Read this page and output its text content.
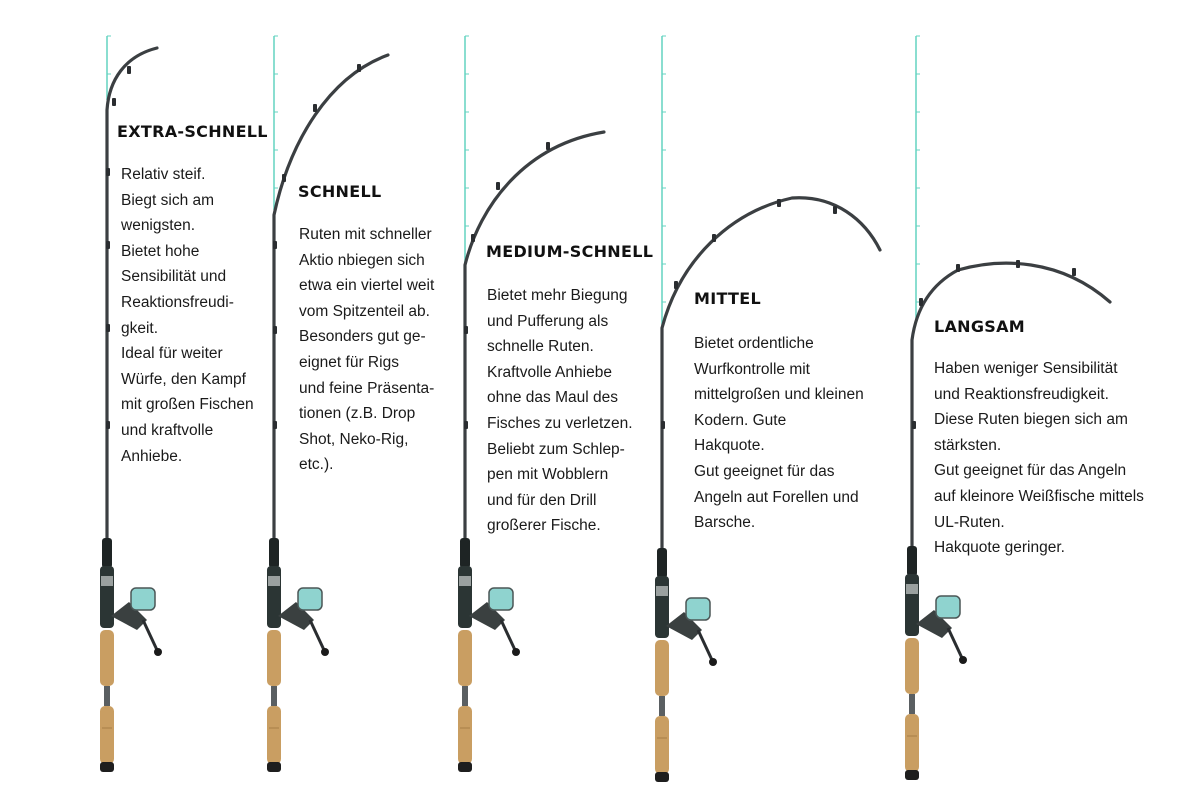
EXTRA-SCHNELL
Relativ steif.
Biegt sich am
wenigsten.
Bietet hohe
Sensibilität und
Reaktionsfreudi-
gkeit.
Ideal für weiter
Würfe, den Kampf
mit großen Fischen
und kraftvolle
Anhiebe.
SCHNELL
Ruten mit schneller
Aktio nbiegen sich
etwa ein viertel weit
vom Spitzenteil ab.
Besonders gut ge-
eignet für Rigs
und feine Präsenta-
tionen (z.B. Drop
Shot, Neko-Rig,
etc.).
MEDIUM-SCHNELL
Bietet mehr Biegung
und Pufferung als
schnelle Ruten.
Kraftvolle Anhiebe
ohne das Maul des
Fisches zu verletzen.
Beliebt zum Schlep-
pen mit Wobblern
und für den Drill
großerer Fische.
MITTEL
Bietet ordentliche
Wurfkontrolle mit
mittelgroßen und kleinen
Kodern. Gute
Hakquote.
Gut geeignet für das
Angeln aut Forellen und
Barsche.
LANGSAM
Haben weniger Sensibilität
und Reaktionsfreudigkeit.
Diese Ruten biegen sich am
stärksten.
Gut geeignet für das Angeln
auf kleinore Weißfische mittels
UL-Ruten.
Hakquote geringer.
